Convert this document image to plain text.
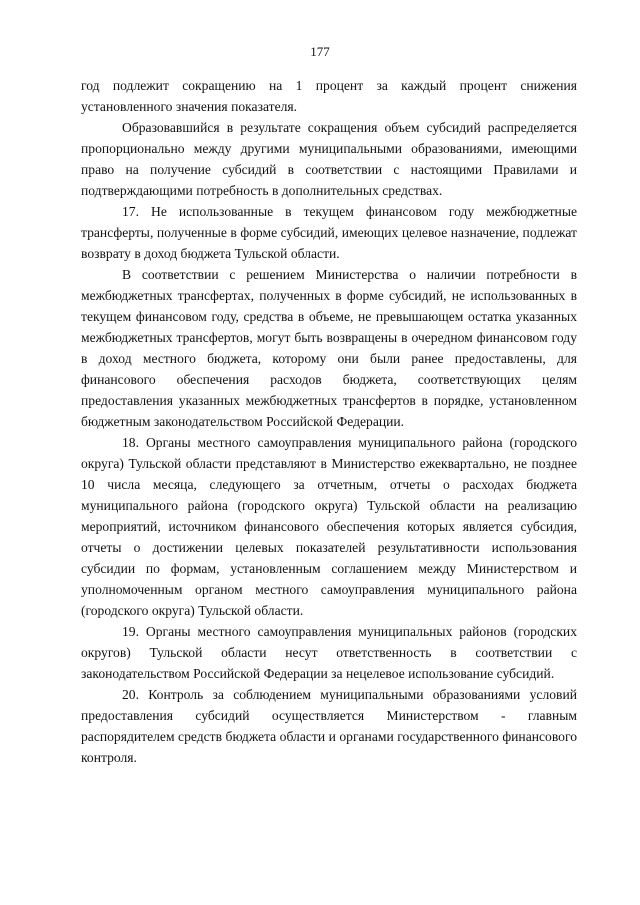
177

год подлежит сокращению на 1 процент за каждый процент снижения установленного значения показателя.

Образовавшийся в результате сокращения объем субсидий распределяется пропорционально между другими муниципальными образованиями, имеющими право на получение субсидий в соответствии с настоящими Правилами и подтверждающими потребность в дополнительных средствах.

17. Не использованные в текущем финансовом году межбюджетные трансферты, полученные в форме субсидий, имеющих целевое назначение, подлежат возврату в доход бюджета Тульской области.

В соответствии с решением Министерства о наличии потребности в межбюджетных трансфертах, полученных в форме субсидий, не использованных в текущем финансовом году, средства в объеме, не превышающем остатка указанных межбюджетных трансфертов, могут быть возвращены в очередном финансовом году в доход местного бюджета, которому они были ранее предоставлены, для финансового обеспечения расходов бюджета, соответствующих целям предоставления указанных межбюджетных трансфертов в порядке, установленном бюджетным законодательством Российской Федерации.

18. Органы местного самоуправления муниципального района (городского округа) Тульской области представляют в Министерство ежеквартально, не позднее 10 числа месяца, следующего за отчетным, отчеты о расходах бюджета муниципального района (городского округа) Тульской области на реализацию мероприятий, источником финансового обеспечения которых является субсидия, отчеты о достижении целевых показателей результативности использования субсидии по формам, установленным соглашением между Министерством и уполномоченным органом местного самоуправления муниципального района (городского округа) Тульской области.

19. Органы местного самоуправления муниципальных районов (городских округов) Тульской области несут ответственность в соответствии с законодательством Российской Федерации за нецелевое использование субсидий.

20. Контроль за соблюдением муниципальными образованиями условий предоставления субсидий осуществляется Министерством - главным распорядителем средств бюджета области и органами государственного финансового контроля.
